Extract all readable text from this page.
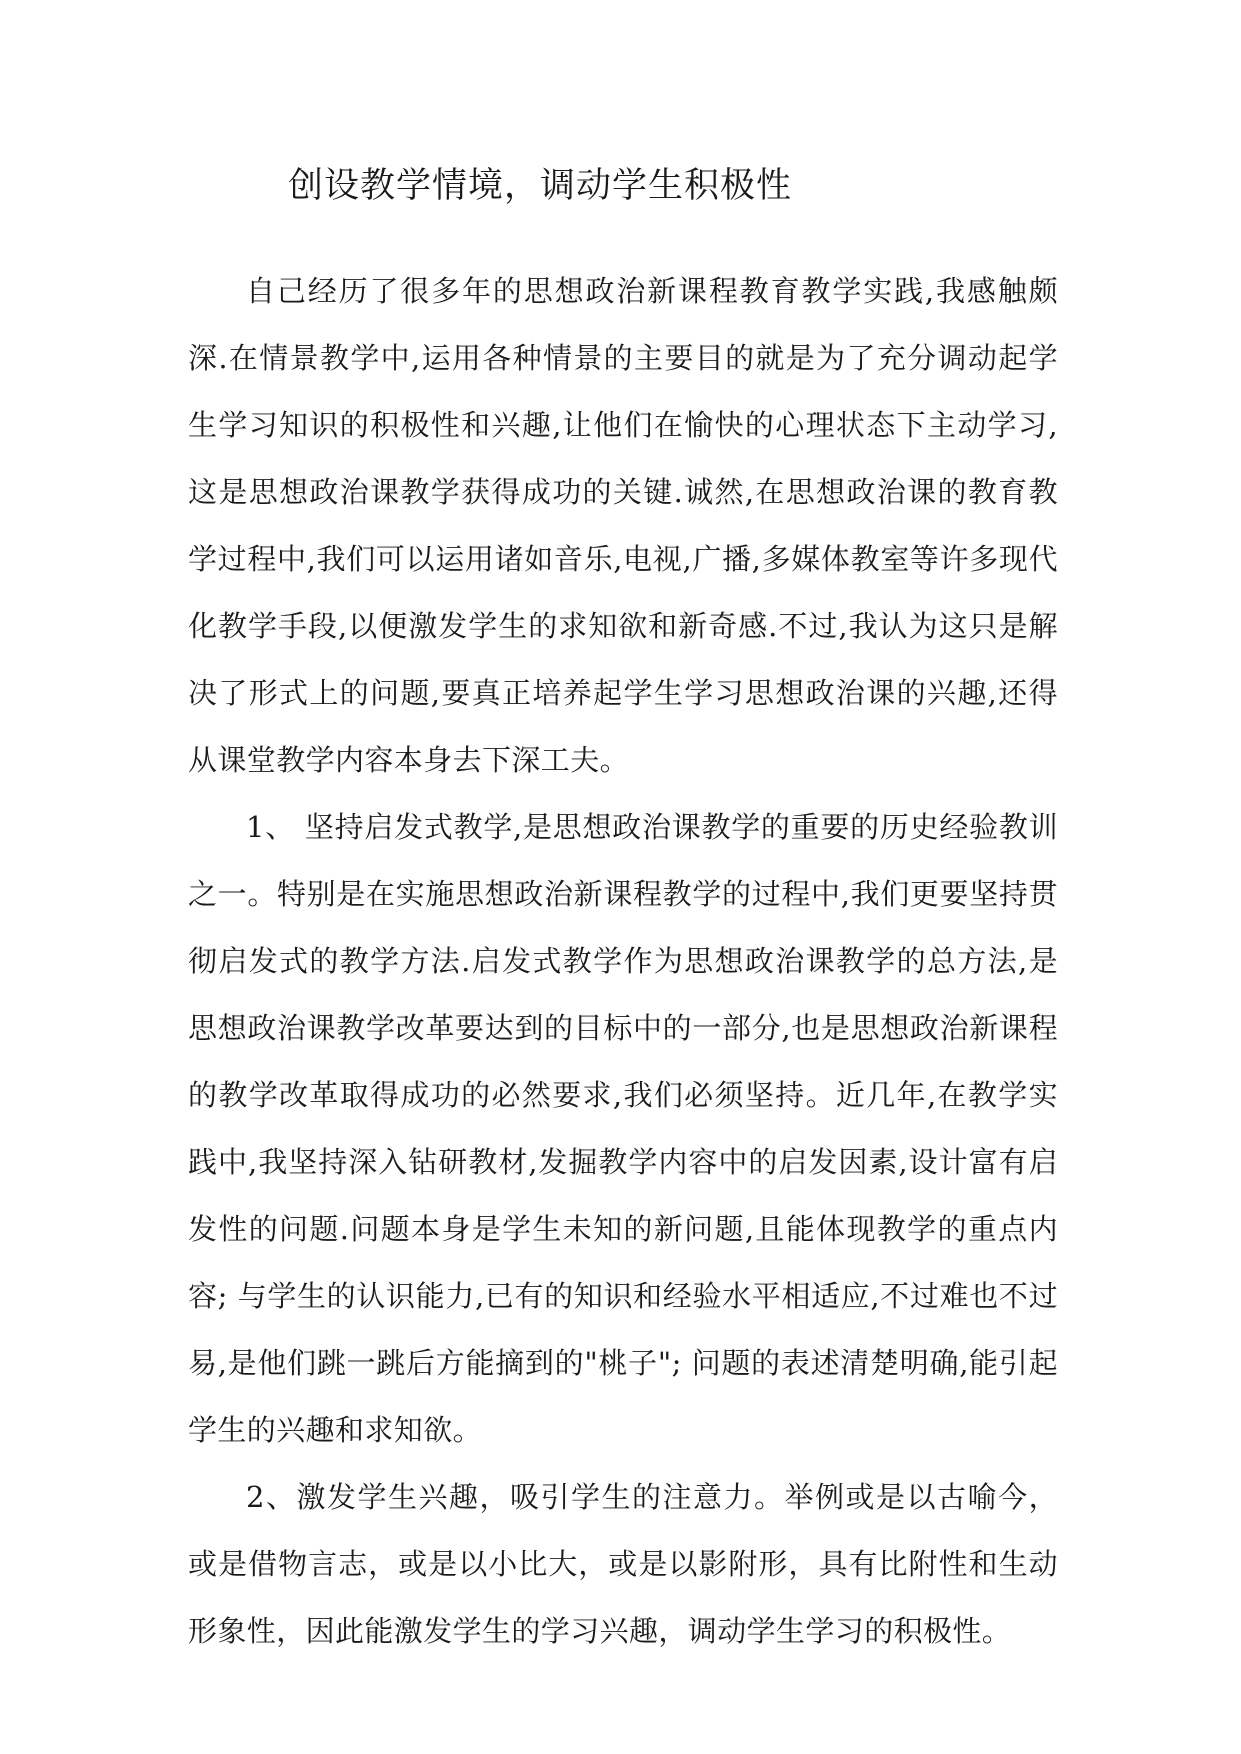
创设教学情境，调动学生积极性

自己经历了很多年的思想政治新课程教育教学实践,我感触颇深.在情景教学中,运用各种情景的主要目的就是为了充分调动起学生学习知识的积极性和兴趣,让他们在愉快的心理状态下主动学习,这是思想政治课教学获得成功的关键.诚然,在思想政治课的教育教学过程中,我们可以运用诸如音乐,电视,广播,多媒体教室等许多现代化教学手段,以便激发学生的求知欲和新奇感.不过,我认为这只是解决了形式上的问题,要真正培养起学生学习思想政治课的兴趣,还得从课堂教学内容本身去下深工夫。

1、 坚持启发式教学,是思想政治课教学的重要的历史经验教训之一。特别是在实施思想政治新课程教学的过程中,我们更要坚持贯彻启发式的教学方法.启发式教学作为思想政治课教学的总方法,是思想政治课教学改革要达到的目标中的一部分,也是思想政治新课程的教学改革取得成功的必然要求,我们必须坚持。近几年,在教学实践中,我坚持深入钻研教材,发掘教学内容中的启发因素,设计富有启发性的问题.问题本身是学生未知的新问题,且能体现教学的重点内容; 与学生的认识能力,已有的知识和经验水平相适应,不过难也不过易,是他们跳一跳后方能摘到的"桃子"; 问题的表述清楚明确,能引起学生的兴趣和求知欲。

2、激发学生兴趣，吸引学生的注意力。举例或是以古喻今，或是借物言志，或是以小比大，或是以影附形，具有比附性和生动形象性，因此能激发学生的学习兴趣，调动学生学习的积极性。
